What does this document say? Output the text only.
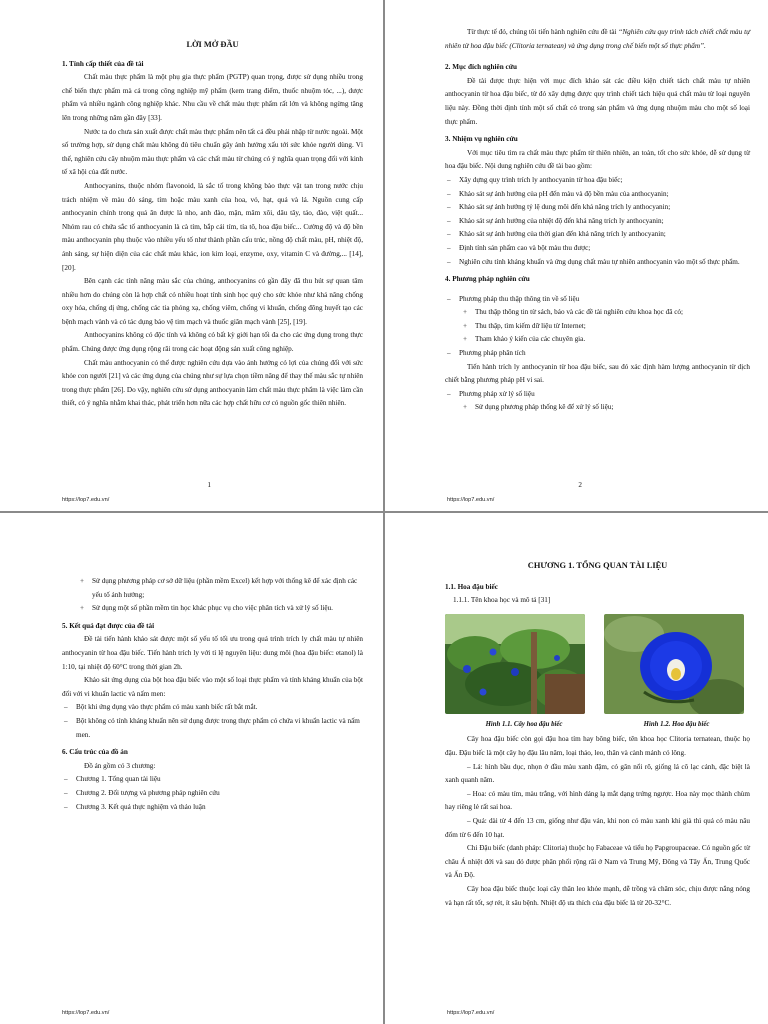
LỜI MỞ ĐẦU
1. Tính cấp thiết của đề tài

Chất màu thực phẩm là một phụ gia thực phẩm (PGTP) quan trọng, được sử dụng nhiều trong chế biến thực phẩm mà cả trong công nghiệp mỹ phẩm (kem trang điểm, thuốc nhuộm tóc, ...), dược phẩm và nhiều ngành công nghiệp khác. Nhu cầu về chất màu thực phẩm rất lớn và không ngừng tăng lên trong những năm gần đây [33].

Nước ta do chưa sản xuất được chất màu thực phẩm nên tất cả đều phải nhập từ nước ngoài. Một số trường hợp, sử dụng chất màu không đủ tiêu chuẩn gây ảnh hưởng xấu tới sức khỏe người dùng. Vì thế, nghiên cứu cây nhuộm màu thực phẩm và các chất màu từ chúng có ý nghĩa quan trọng đối với kinh tế xã hội của đất nước.

Anthocyanins, thuộc nhóm flavonoid, là sắc tố trong không bào thực vật tan trong nước chịu trách nhiệm về màu đỏ sáng, tím hoặc màu xanh của hoa, vỏ, hạt, quả và lá. Nguồn cung cấp anthocyanin chính trong quả ăn được là nho, anh đào, mận, mâm xôi, dâu tây, táo, đào, việt quất... Nhóm rau có chứa sắc tố anthocyanin là cà tím, bắp cải tím, tía tô, hoa đậu biếc... Cường độ và độ bền màu anthocyanin phụ thuộc vào nhiều yếu tố như thành phần cấu trúc, nồng độ chất màu, pH, nhiệt độ, ánh sáng, sự hiện diện của các chất màu khác, ion kim loại, enzyme, oxy, vitamin C và đường,... [14], [20].

Bên cạnh các tính năng màu sắc của chúng, anthocyanins có gần đây đã thu hút sự quan tâm nhiều hơn do chúng còn là hợp chất có nhiều hoạt tính sinh học quý cho sức khỏe như khả năng chống oxy hóa, chống dị ứng, chống các tia phóng xạ, chống viêm, chống vi khuẩn, chống đông huyết tạo các bệnh mạch vành và có tác dụng bảo vệ tim mạch và thuốc giãn mạch vành [25], [19].

Anthocyanins không có độc tính và không có bất kỳ giới hạn tối đa cho các ứng dụng trong thực phẩm. Chúng được ứng dụng rộng rãi trong các hoạt động sản xuất công nghiệp.

Chất màu anthocyanin có thể được nghiên cứu dựa vào ảnh hưởng có lợi của chúng đối với sức khỏe con người [21] và các ứng dụng của chúng như sự lựa chọn tiềm năng để thay thế màu sắc tự nhiên trong thực phẩm [26]. Do vậy, nghiên cứu sử dụng anthocyanin làm chất màu thực phẩm là việc làm cần thiết, có ý nghĩa nhằm khai thác, phát triển hơn nữa các hợp chất hữu cơ có nguồn gốc thiên nhiên.

1
https://lop7.edu.vn/

Từ thực tế đó, chúng tôi tiến hành nghiên cứu đề tài “Nghiên cứu quy trình tách chiết chất màu tự nhiên từ hoa đậu biếc (Clitoria ternatean) và ứng dụng trong chế biến một số thực phẩm”.

2. Mục đích nghiên cứu

Đề tài được thực hiện với mục đích khảo sát các điều kiện chiết tách chất màu tự nhiên anthocyanin từ hoa đậu biếc, từ đó xây dựng được quy trình chiết tách hiệu quả chất màu từ loại nguyên liệu này. Đồng thời định tính một số chất có trong sản phẩm và ứng dụng nhuộm màu cho một số loại thực phẩm.

3. Nhiệm vụ nghiên cứu

Với mục tiêu tìm ra chất màu thực phẩm từ thiên nhiên, an toàn, tốt cho sức khỏe, dễ sử dụng từ hoa đậu biếc. Nội dung nghiên cứu đề tài bao gồm:

– Xây dựng quy trình trích ly anthocyanin từ hoa đậu biếc;

– Khảo sát sự ảnh hưởng của pH đến màu và độ bền màu của anthocyanin;

– Khảo sát sự ảnh hưởng tỷ lệ dung môi đến khả năng trích ly anthocyanin;

– Khảo sát sự ảnh hưởng của nhiệt độ đến khả năng trích ly anthocyanin;

– Khảo sát sự ảnh hưởng của thời gian đến khả năng trích ly anthocyanin;

– Định tính sản phẩm cao và bột màu thu được;

– Nghiên cứu tính kháng khuẩn và ứng dụng chất màu tự nhiên anthocyanin vào một số thực phẩm.

4. Phương pháp nghiên cứu

– Phương pháp thu thập thông tin về số liệu

+ Thu thập thông tin từ sách, báo và các đề tài nghiên cứu khoa học đã có;

+ Thu thập, tìm kiếm dữ liệu từ Internet;

+ Tham khảo ý kiến của các chuyên gia.

– Phương pháp phân tích

Tiến hành trích ly anthocyanin từ hoa đậu biếc, sau đó xác định hàm lượng anthocyanin từ dịch chiết bằng phương pháp pH vi sai.

– Phương pháp xử lý số liệu

+ Sử dụng phương pháp thống kê để xử lý số liệu;

2
https://lop7.edu.vn/

+ Sử dụng phương pháp cơ sở dữ liệu (phần mềm Excel) kết hợp với thống kê để xác định các yếu tố ảnh hưởng;

+ Sử dụng một số phần mềm tin học khác phục vụ cho việc phân tích và xử lý số liệu.

5. Kết quả đạt được của đề tài

Đề tài tiến hành khảo sát được một số yếu tố tối ưu trong quá trình trích ly chất màu tự nhiên anthocyanin từ hoa đậu biếc. Tiến hành trích ly với tỉ lệ nguyên liệu: dung môi (hoa đậu biếc: etanol) là 1:10, tại nhiệt độ 60°C trong thời gian 2h.

Khảo sát ứng dụng của bột hoa đậu biếc vào một số loại thực phẩm và tính kháng khuẩn của bột đối với vi khuẩn lactic và nấm men:

– Bột khi ứng dụng vào thực phẩm có màu xanh biếc rất bắt mắt.

– Bột không có tính kháng khuẩn nên sử dụng được trong thực phẩm có chứa vi khuẩn lactic và nấm men.

6. Cấu trúc của đồ án

Đồ án gồm có 3 chương:

– Chương 1. Tổng quan tài liệu

– Chương 2. Đối tượng và phương pháp nghiên cứu

– Chương 3. Kết quả thực nghiệm và thảo luận

https://lop7.edu.vn/
CHƯƠNG 1. TỔNG QUAN TÀI LIỆU
1.1. Hoa đậu biếc
1.1.1. Tên khoa học và mô tả [31]
Hình 1.1. Cây hoa đậu biếc	Hình 1.2. Hoa đậu biếc

Cây hoa đậu biếc còn gọi đậu hoa tím hay bông biếc, tên khoa học Clitoria ternatean, thuộc họ đậu. Đậu biếc là một cây họ đậu lâu năm, loại thảo, leo, thân và cành mảnh có lông.

– Lá: hình bầu dục, nhọn ở đầu màu xanh đậm, có gân nổi rõ, giống lá cô lạc cảnh, đặc biệt là xanh quanh năm.

– Hoa: có màu tím, màu trắng, với hình dáng lạ mắt dạng trứng ngược. Hoa này mọc thành chùm hay riêng lẻ rất sai hoa.

– Quả: dài từ 4 đến 13 cm, giống như đậu ván, khi non có màu xanh khi già thì quả có màu nâu đốm từ 6 đến 10 hạt.

Chi Đậu biếc (danh pháp: Clitoria) thuộc họ Fabaceae và tiểu họ Papgroupaceae. Có nguồn gốc từ châu Á nhiệt đới và sau đó được phân phối rộng rãi ở Nam và Trung Mỹ, Đông và Tây Ấn, Trung Quốc và Ấn Độ.

Cây hoa đậu biếc thuộc loại cây thân leo khỏe mạnh, dễ trồng và chăm sóc, chịu được nắng nóng và hạn rất tốt, sợ rét, ít sâu bệnh. Nhiệt độ ưa thích của đậu biếc là từ 20-32°C.

https://lop7.edu.vn/
